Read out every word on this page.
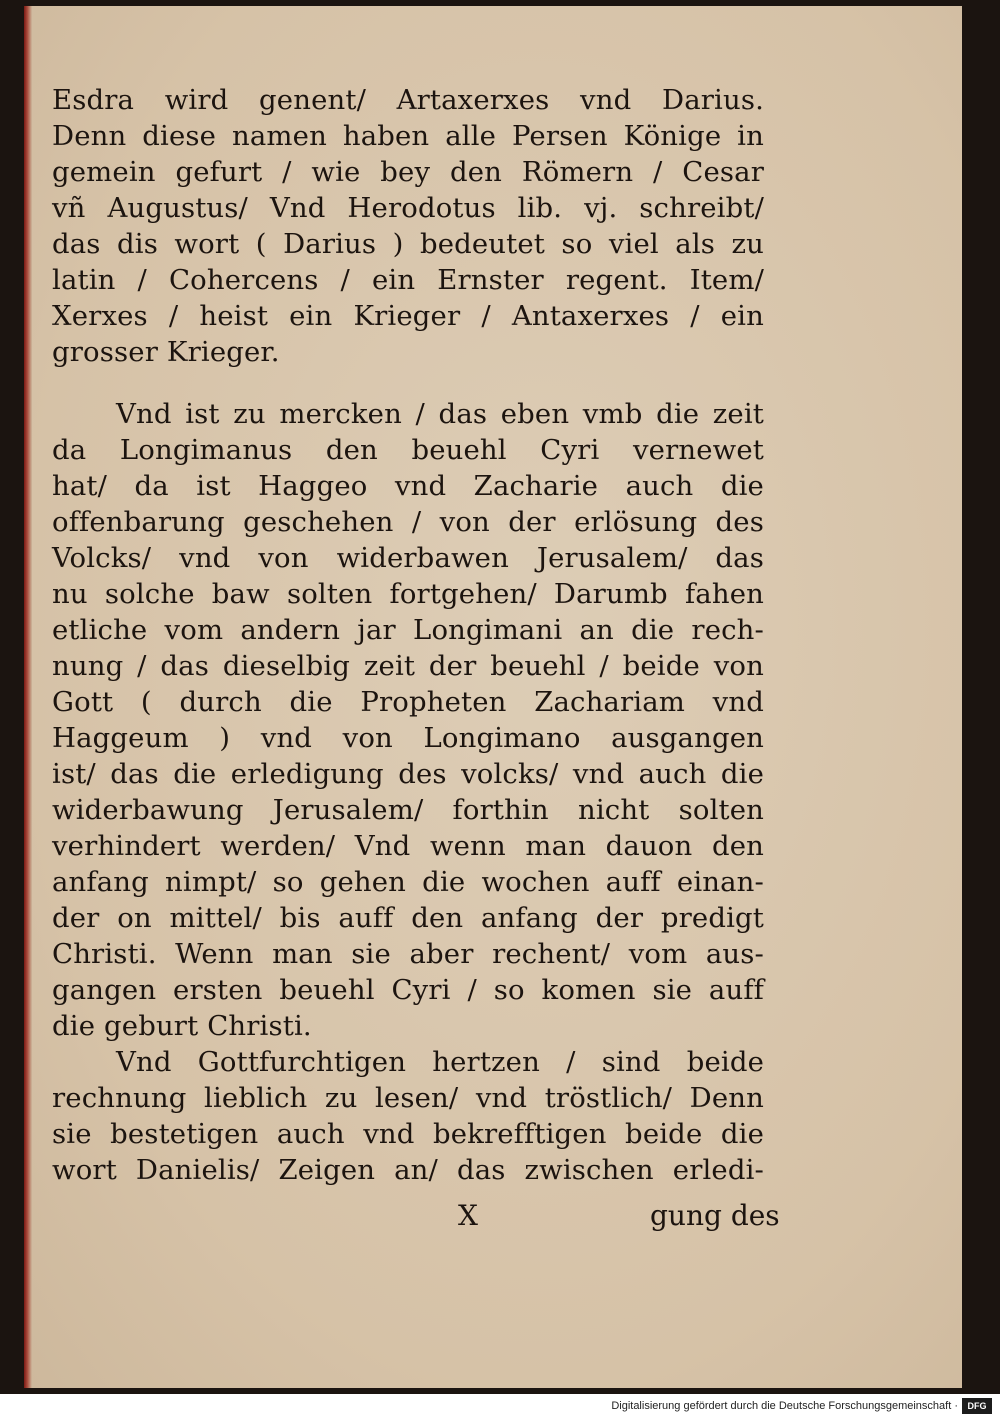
Esdra wird genent/ Artaxerxes vnd Darius.
Denn diese namen haben alle Persen Könige in
gemein gefurt / wie bey den Römern / Cesar
vñ Augustus/ Vnd Herodotus lib. vj. schreibt/
das dis wort ( Darius ) bedeutet so viel als zu
latin / Cohercens / ein Ernster regent. Item/
Xerxes / heist ein Krieger / Antaxerxes / ein
grosser Krieger.
Vnd ist zu mercken / das eben vmb die zeit
da Longimanus den beuehl Cyri vernewet
hat/ da ist Haggeo vnd Zacharie auch die
offenbarung geschehen / von der erlösung des
Volcks/ vnd von widerbawen Jerusalem/ das
nu solche baw solten fortgehen/ Darumb fahen
etliche vom andern jar Longimani an die rech-
nung / das dieselbig zeit der beuehl / beide von
Gott ( durch die Propheten Zachariam vnd
Haggeum ) vnd von Longimano ausgangen
ist/ das die erledigung des volcks/ vnd auch die
widerbawung Jerusalem/ forthin nicht solten
verhindert werden/ Vnd wenn man dauon den
anfang nimpt/ so gehen die wochen auff einan-
der on mittel/ bis auff den anfang der predigt
Christi. Wenn man sie aber rechent/ vom aus-
gangen ersten beuehl Cyri / so komen sie auff
die geburt Christi.
Vnd Gottfurchtigen hertzen / sind beide
rechnung lieblich zu lesen/ vnd tröstlich/ Denn
sie bestetigen auch vnd bekrefftigen beide die
wort Danielis/ Zeigen an/ das zwischen erledi-
X	gung des
Digitalisierung gefördert durch die Deutsche Forschungsgemeinschaft ·	DFG
